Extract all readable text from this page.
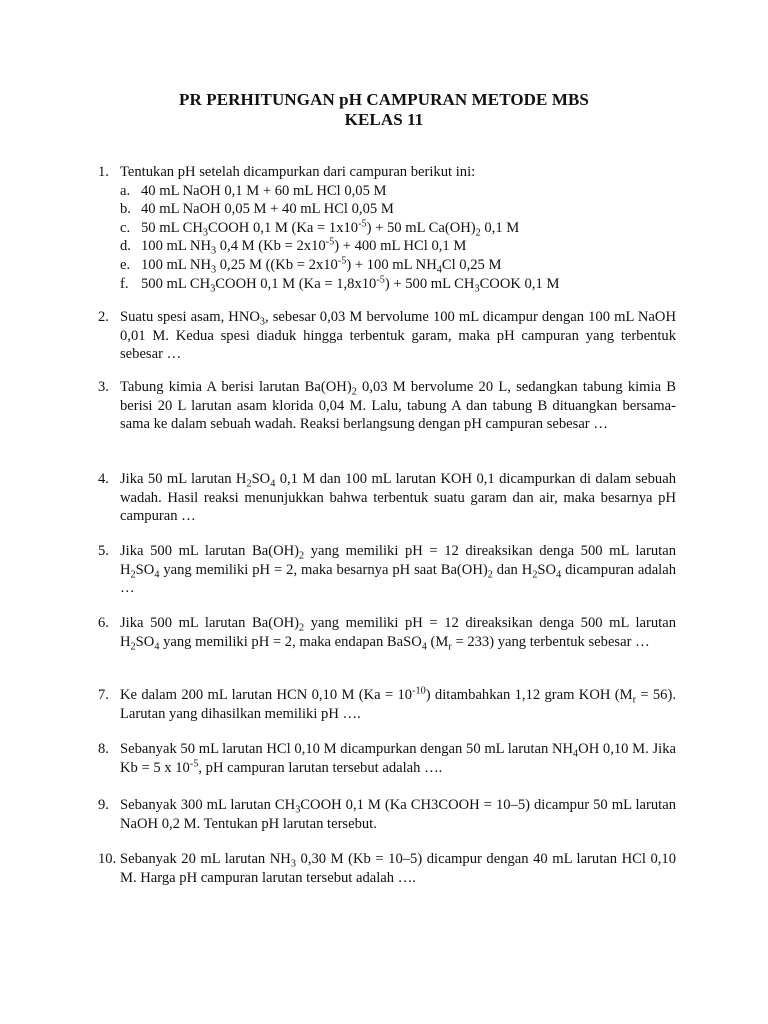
PR PERHITUNGAN pH CAMPURAN METODE MBS
KELAS 11
1. Tentukan pH setelah dicampurkan dari campuran berikut ini:
a. 40 mL NaOH 0,1 M + 60 mL HCl 0,05 M
b. 40 mL NaOH 0,05 M + 40 mL HCl 0,05 M
c. 50 mL $CH_3COOH$ 0,1 M $(Ka = 1x10^{-5}) + 50$ mL $Ca(OH)_2$ 0,1 M
d. 100 mL $NH_3$ 0,4 M $(Kb = 2x10^{-5}) + 400$ mL HCl 0,1 M
e. 100 mL $NH_3$ 0,25 M ($(Kb = 2x10^{-5}) + 100$ mL $NH_4Cl$ 0,25 M
f. 500 mL $CH_3COOH$ 0,1 M $(Ka = 1,8x10^{-5}) + 500$ mL $CH_3COOK$ 0,1 M
2. Suatu spesi asam, $HNO_3$, sebesar 0,03 M bervolume 100 mL dicampur dengan 100 mL NaOH 0,01 M. Kedua spesi diaduk hingga terbentuk garam, maka pH campuran yang terbentuk sebesar …
3. Tabung kimia A berisi larutan $Ba(OH)_2$ 0,03 M bervolume 20 L, sedangkan tabung kimia B berisi 20 L larutan asam klorida 0,04 M. Lalu, tabung A dan tabung B dituangkan bersama-sama ke dalam sebuah wadah. Reaksi berlangsung dengan pH campuran sebesar …
4. Jika 50 mL larutan $H_2SO_4$ 0,1 M dan 100 mL larutan KOH 0,1 dicampurkan di dalam sebuah wadah. Hasil reaksi menunjukkan bahwa terbentuk suatu garam dan air, maka besarnya pH campuran …
5. Jika 500 mL larutan $Ba(OH)_2$ yang memiliki pH = 12 direaksikan denga 500 mL larutan $H_2SO_4$ yang memiliki pH = 2, maka besarnya pH saat $Ba(OH)_2$ dan $H_2SO_4$ dicampuran adalah …
6. Jika 500 mL larutan $Ba(OH)_2$ yang memiliki pH = 12 direaksikan denga 500 mL larutan $H_2SO_4$ yang memiliki pH = 2, maka endapan BaSO$_4$ $(M_r = 233)$ yang terbentuk sebesar …
7. Ke dalam 200 mL larutan HCN 0,10 M $(Ka = 10^{-10})$ ditambahkan 1,12 gram KOH $(M_r = 56)$. Larutan yang dihasilkan memiliki pH ….
8. Sebanyak 50 mL larutan HCl 0,10 M dicampurkan dengan 50 mL larutan $NH_4OH$ 0,10 M. Jika Kb = 5 x $10^{-5}$, pH campuran larutan tersebut adalah ….
9. Sebanyak 300 mL larutan $CH_3COOH$ 0,1 M (Ka CH3COOH = 10–5) dicampur 50 mL larutan NaOH 0,2 M. Tentukan pH larutan tersebut.
10. Sebanyak 20 mL larutan $NH_3$ 0,30 M (Kb = 10–5) dicampur dengan 40 mL larutan HCl 0,10 M. Harga pH campuran larutan tersebut adalah ….
